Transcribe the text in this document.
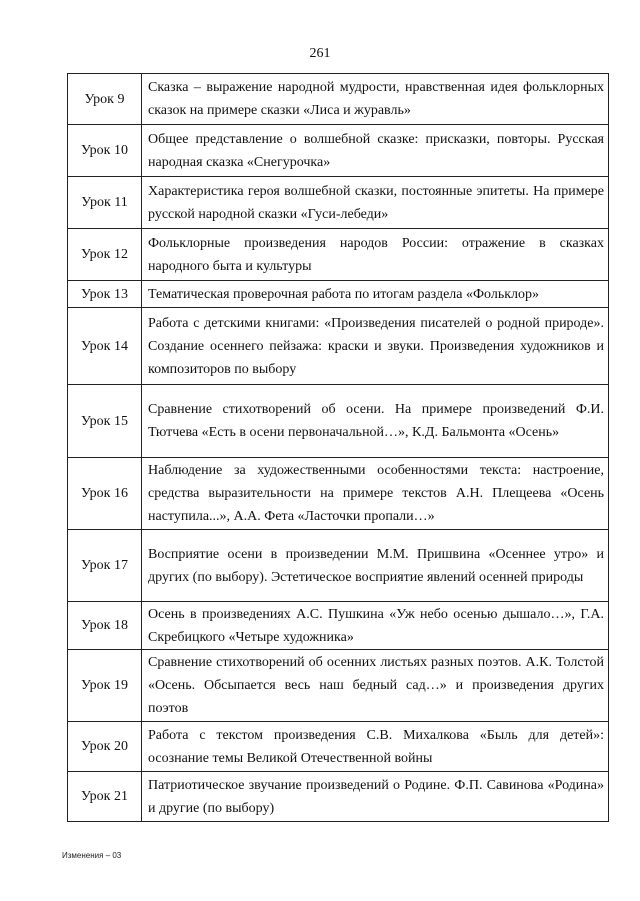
261
Урок 9	Сказка – выражение народной мудрости, нравственная идея фольклорных сказок на примере сказки «Лиса и журавль»
Урок 10	Общее представление о волшебной сказке: присказки, повторы. Русская народная сказка «Снегурочка»
Урок 11	Характеристика героя волшебной сказки, постоянные эпитеты. На примере русской народной сказки «Гуси-лебеди»
Урок 12	Фольклорные произведения народов России: отражение в сказках народного быта и культуры
Урок 13	Тематическая проверочная работа по итогам раздела «Фольклор»
Урок 14	Работа с детскими книгами: «Произведения писателей о родной природе». Создание осеннего пейзажа: краски и звуки. Произведения художников и композиторов по выбору
Урок 15	Сравнение стихотворений об осени. На примере произведений Ф.И. Тютчева «Есть в осени первоначальной…», К.Д. Бальмонта «Осень»
Урок 16	Наблюдение за художественными особенностями текста: настроение, средства выразительности на примере текстов А.Н. Плещеева «Осень наступила...», А.А. Фета «Ласточки пропали…»
Урок 17	Восприятие осени в произведении М.М. Пришвина «Осеннее утро» и других (по выбору). Эстетическое восприятие явлений осенней природы
Урок 18	Осень в произведениях А.С. Пушкина «Уж небо осенью дышало…», Г.А. Скребицкого «Четыре художника»
Урок 19	Сравнение стихотворений об осенних листьях разных поэтов. А.К. Толстой «Осень. Обсыпается весь наш бедный сад…» и произведения других поэтов
Урок 20	Работа с текстом произведения С.В. Михалкова «Быль для детей»: осознание темы Великой Отечественной войны
Урок 21	Патриотическое звучание произведений о Родине. Ф.П. Савинова «Родина» и другие (по выбору)
Изменения – 03
